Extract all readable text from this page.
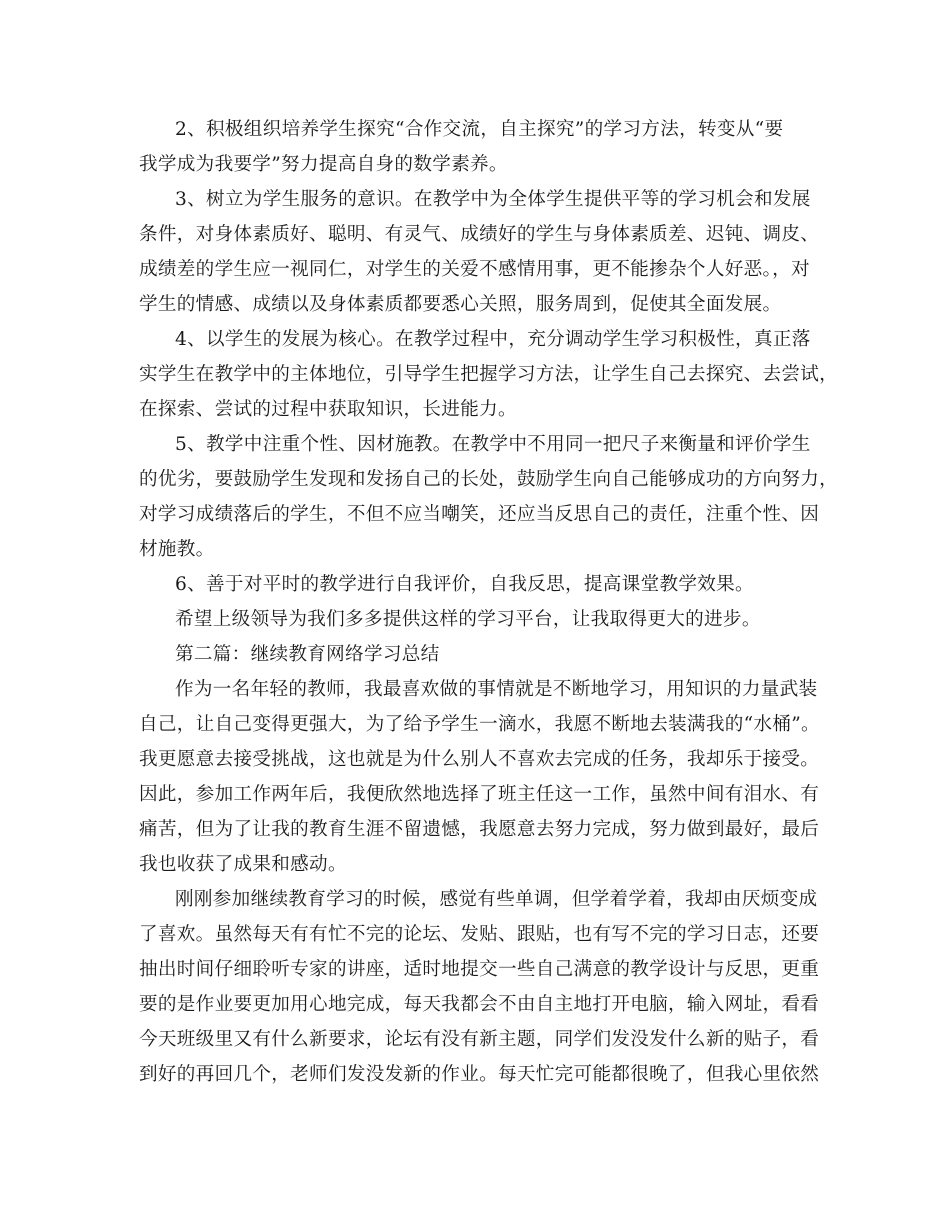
2、积极组织培养学生探究“合作交流，自主探究”的学习方法，转变从“要
我学成为我要学”努力提高自身的数学素养。
3、树立为学生服务的意识。在教学中为全体学生提供平等的学习机会和发展
条件，对身体素质好、聪明、有灵气、成绩好的学生与身体素质差、迟钝、调皮、
成绩差的学生应一视同仁，对学生的关爱不感情用事，更不能掺杂个人好恶。，对
学生的情感、成绩以及身体素质都要悉心关照，服务周到，促使其全面发展。
4、以学生的发展为核心。在教学过程中，充分调动学生学习积极性，真正落
实学生在教学中的主体地位，引导学生把握学习方法，让学生自己去探究、去尝试，
在探索、尝试的过程中获取知识，长进能力。
5、教学中注重个性、因材施教。在教学中不用同一把尺子来衡量和评价学生
的优劣，要鼓励学生发现和发扬自己的长处，鼓励学生向自己能够成功的方向努力，
对学习成绩落后的学生，不但不应当嘲笑，还应当反思自己的责任，注重个性、因
材施教。
6、善于对平时的教学进行自我评价，自我反思，提高课堂教学效果。
希望上级领导为我们多多提供这样的学习平台，让我取得更大的进步。
第二篇：继续教育网络学习总结
作为一名年轻的教师，我最喜欢做的事情就是不断地学习，用知识的力量武装
自己，让自己变得更强大，为了给予学生一滴水，我愿不断地去装满我的“水桶”。
我更愿意去接受挑战，这也就是为什么别人不喜欢去完成的任务，我却乐于接受。
因此，参加工作两年后，我便欣然地选择了班主任这一工作，虽然中间有泪水、有
痛苦，但为了让我的教育生涯不留遗憾，我愿意去努力完成，努力做到最好，最后
我也收获了成果和感动。
刚刚参加继续教育学习的时候，感觉有些单调，但学着学着，我却由厌烦变成
了喜欢。虽然每天有有忙不完的论坛、发贴、跟贴，也有写不完的学习日志，还要
抽出时间仔细聆听专家的讲座，适时地提交一些自己满意的教学设计与反思，更重
要的是作业要更加用心地完成，每天我都会不由自主地打开电脑，输入网址，看看
今天班级里又有什么新要求，论坛有没有新主题，同学们发没发什么新的贴子，看
到好的再回几个，老师们发没发新的作业。每天忙完可能都很晚了，但我心里依然
